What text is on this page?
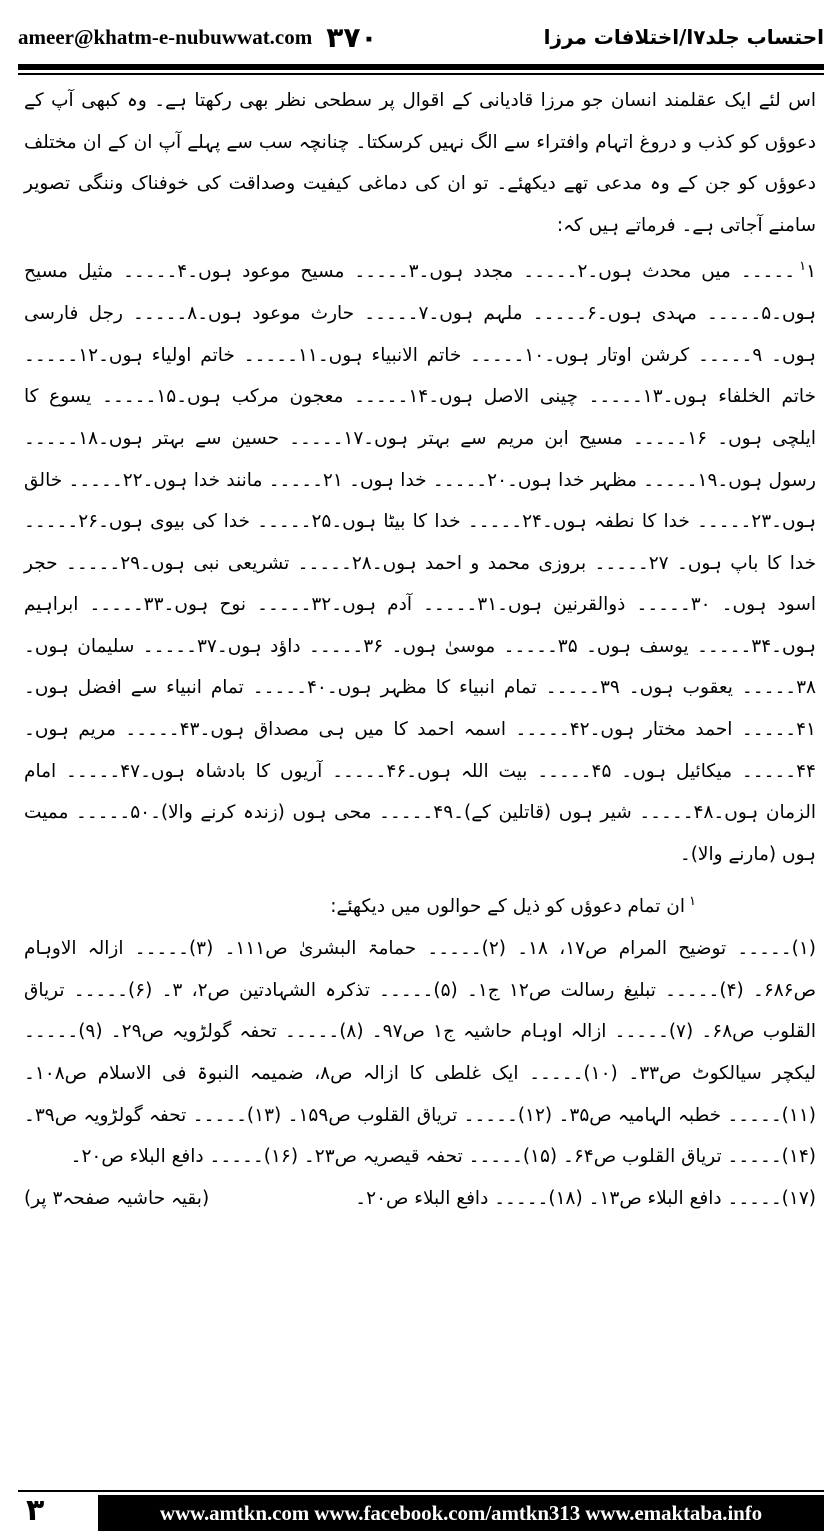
ameer@khatm-e-nubuwwat.com ۳۷۰	احتساب جلد۷ا/اختلافات مرزا

اس لئے ایک عقلمند انسان جو مرزا قادیانی کے اقوال پر سطحی نظر بھی رکھتا ہے۔ وہ کبھی آپ کے دعوؤں کو کذب و دروغ اتہام وافتراء سے الگ نہیں کرسکتا۔ چنانچہ سب سے پہلے آپ ان کے ان مختلف دعوؤں کو جن کے وہ مدعی تھے دیکھئے۔ تو ان کی دماغی کیفیت وصداقت کی خوفناک وننگی تصویر سامنے آجاتی ہے۔ فرماتے ہیں کہ:

$^۱$۱۔۔۔۔۔ میں محدث ہوں۔۲۔۔۔۔۔ مجدد ہوں۔۳۔۔۔۔۔ مسیح موعود ہوں۔۴۔۔۔۔۔ مثیل مسیح ہوں۔۵۔۔۔۔۔ مہدی ہوں۔۶۔۔۔۔۔ ملہم ہوں۔۷۔۔۔۔۔ حارث موعود ہوں۔۸۔۔۔۔۔ رجل فارسی ہوں۔ ۹۔۔۔۔۔ کرشن اوتار ہوں۔۱۰۔۔۔۔۔ خاتم الانبیاء ہوں۔۱۱۔۔۔۔۔ خاتم اولیاء ہوں۔۱۲۔۔۔۔۔ خاتم الخلفاء ہوں۔۱۳۔۔۔۔۔ چینی الاصل ہوں۔۱۴۔۔۔۔۔ معجون مرکب ہوں۔۱۵۔۔۔۔۔ یسوع کا ایلچی ہوں۔ ۱۶۔۔۔۔۔ مسیح ابن مریم سے بہتر ہوں۔۱۷۔۔۔۔۔ حسین سے بہتر ہوں۔۱۸۔۔۔۔۔ رسول ہوں۔۱۹۔۔۔۔۔ مظہر خدا ہوں۔۲۰۔۔۔۔۔ خدا ہوں۔ ۲۱۔۔۔۔۔ مانند خدا ہوں۔۲۲۔۔۔۔۔ خالق ہوں۔۲۳۔۔۔۔۔ خدا کا نطفہ ہوں۔۲۴۔۔۔۔۔ خدا کا بیٹا ہوں۔۲۵۔۔۔۔۔ خدا کی بیوی ہوں۔۲۶۔۔۔۔۔ خدا کا باپ ہوں۔ ۲۷۔۔۔۔۔ بروزی محمد و احمد ہوں۔۲۸۔۔۔۔۔ تشریعی نبی ہوں۔۲۹۔۔۔۔۔ حجر اسود ہوں۔ ۳۰۔۔۔۔۔ ذوالقرنین ہوں۔۳۱۔۔۔۔۔ آدم ہوں۔۳۲۔۔۔۔۔ نوح ہوں۔۳۳۔۔۔۔۔ ابراہیم ہوں۔۳۴۔۔۔۔۔ یوسف ہوں۔ ۳۵۔۔۔۔۔ موسیٰ ہوں۔ ۳۶۔۔۔۔۔ داؤد ہوں۔۳۷۔۔۔۔۔ سلیمان ہوں۔ ۳۸۔۔۔۔۔ یعقوب ہوں۔ ۳۹۔۔۔۔۔ تمام انبیاء کا مظہر ہوں۔۴۰۔۔۔۔۔ تمام انبیاء سے افضل ہوں۔۴۱۔۔۔۔۔ احمد مختار ہوں۔۴۲۔۔۔۔۔ اسمہ احمد کا میں ہی مصداق ہوں۔۴۳۔۔۔۔۔ مریم ہوں۔۴۴۔۔۔۔۔ میکائیل ہوں۔ ۴۵۔۔۔۔۔ بیت اللہ ہوں۔۴۶۔۔۔۔۔ آریوں کا بادشاہ ہوں۔۴۷۔۔۔۔۔ امام الزمان ہوں۔۴۸۔۔۔۔۔ شیر ہوں (قاتلین کے)۔۴۹۔۔۔۔۔ محی ہوں (زندہ کرنے والا)۔۵۰۔۔۔۔۔ ممیت ہوں (مارنے والا)۔

$^۱$ان تمام دعوؤں کو ذیل کے حوالوں میں دیکھئے:

(۱)۔۔۔۔۔ توضیح المرام ص۱۷، ۱۸۔ (۲)۔۔۔۔۔ حمامۃ البشریٰ ص۱۱۱۔ (۳)۔۔۔۔۔ ازالہ الاوہام ص۶۸۶۔ (۴)۔۔۔۔۔ تبلیغ رسالت ص۱۲ ج۱۔ (۵)۔۔۔۔۔ تذکرہ الشہادتین ص۲، ۳۔ (۶)۔۔۔۔۔ تریاق القلوب ص۶۸۔ (۷)۔۔۔۔۔ ازالہ اوہام حاشیہ ج۱ ص۹۷۔ (۸)۔۔۔۔۔ تحفہ گولڑویہ ص۲۹۔ (۹)۔۔۔۔۔ لیکچر سیالکوٹ ص۳۳۔ (۱۰)۔۔۔۔۔ ایک غلطی کا ازالہ ص۸، ضمیمہ النبوۃ فی الاسلام ص۱۰۸۔ (۱۱)۔۔۔۔۔ خطبہ الہامیہ ص۳۵۔ (۱۲)۔۔۔۔۔ تریاق القلوب ص۱۵۹۔ (۱۳)۔۔۔۔۔ تحفہ گولڑویہ ص۳۹۔ (۱۴)۔۔۔۔۔ تریاق القلوب ص۶۴۔ (۱۵)۔۔۔۔۔ تحفہ قیصریہ ص۲۳۔ (۱۶)۔۔۔۔۔ دافع البلاء ص۲۰۔

(۱۷)۔۔۔۔۔ دافع البلاء ص۱۳۔ (۱۸)۔۔۔۔۔ دافع البلاء ص۲۰۔
(بقیہ حاشیہ صفحہ۳ پر)
۳	www.amtkn.com www.facebook.com/amtkn313 www.emaktaba.info
